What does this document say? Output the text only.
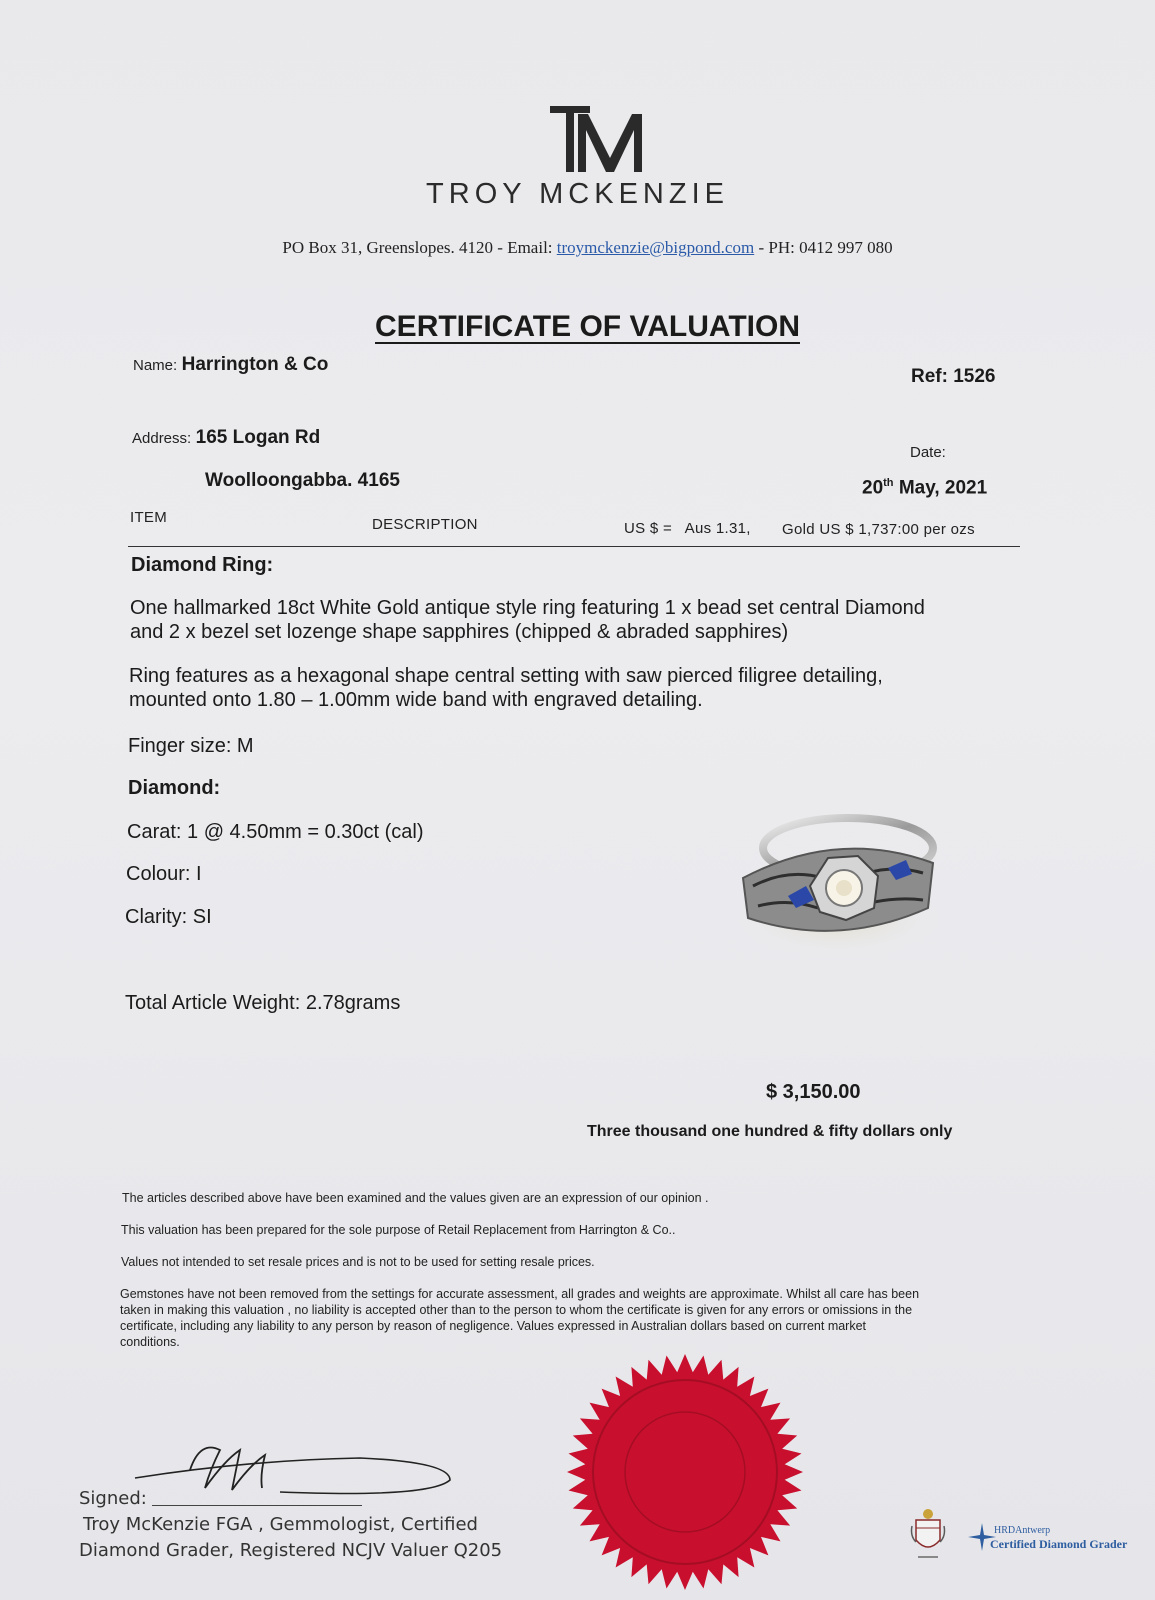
TROY MCKENZIE
PO Box 31, Greenslopes. 4120 - Email: troymckenzie@bigpond.com - PH: 0412 997 080
CERTIFICATE OF VALUATION
Name: Harrington & Co
Ref: 1526
Address: 165 Logan Rd
Woolloongabba. 4165
Date:
20th May, 2021
ITEM	DESCRIPTION	US $ =   Aus 1.31, Gold US $ 1,737:00 per ozs
Diamond Ring:
One hallmarked 18ct White Gold antique style ring featuring 1 x bead set central Diamond
and 2 x bezel set lozenge shape sapphires (chipped & abraded sapphires)
Ring features as a hexagonal shape central setting with saw pierced filigree detailing,
mounted onto 1.80 – 1.00mm wide band with engraved detailing.
Finger size: M
Diamond:
Carat: 1 @ 4.50mm = 0.30ct (cal)
Colour: I
Clarity: SI
Total Article Weight: 2.78grams
$ 3,150.00
Three thousand one hundred & fifty dollars only
The articles described above have been examined and the values given are an expression of our opinion .
This valuation has been prepared for the sole purpose of Retail Replacement from Harrington & Co..
Values not intended to set resale prices and is not to be used for setting resale prices.
Gemstones have not been removed from the settings for accurate assessment, all grades and weights are approximate. Whilst all care has been
taken in making this valuation , no liability is accepted other than to the person to whom the certificate is given for any errors or omissions in the
certificate, including any liability to any person by reason of negligence. Values expressed in Australian dollars based on current market
conditions.
Signed:
Troy McKenzie FGA , Gemmologist, Certified
Diamond Grader, Registered NCJV Valuer Q205
HRDAntwerp
Certified Diamond Grader
